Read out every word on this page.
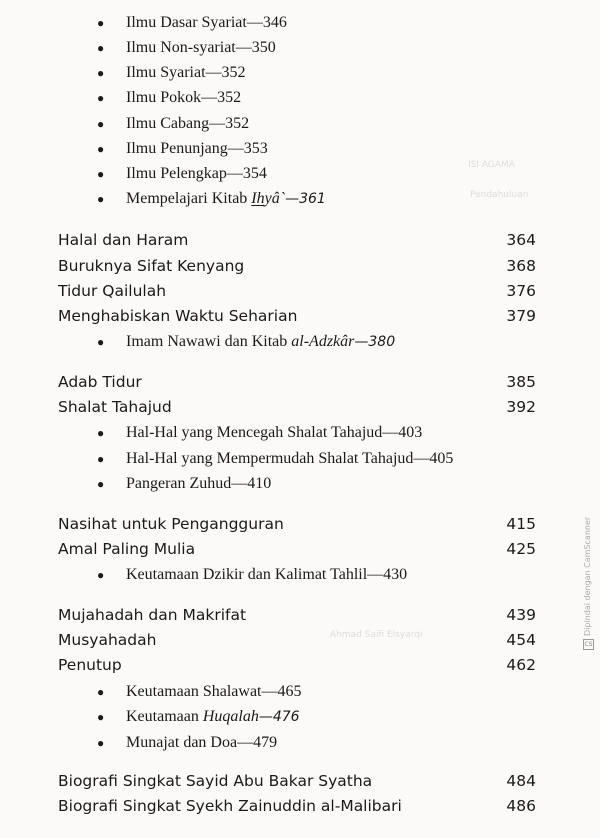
ISI AGAMA
Pendahuluan
Ahmad Saifi Elsyarqi
● Ilmu Dasar Syariat—346
● Ilmu Non-syariat—350
● Ilmu Syariat—352
● Ilmu Pokok—352
● Ilmu Cabang—352
● Ilmu Penunjang—353
● Ilmu Pelengkap—354
● Mempelajari Kitab Ihyâ`—361
Halal dan Haram	364
Buruknya Sifat Kenyang	368
Tidur Qailulah	376
Menghabiskan Waktu Seharian	379
● Imam Nawawi dan Kitab al-Adzkâr—380
Adab Tidur	385
Shalat Tahajud	392
● Hal-Hal yang Mencegah Shalat Tahajud—403
● Hal-Hal yang Mempermudah Shalat Tahajud—405
● Pangeran Zuhud—410
Nasihat untuk Pengangguran	415
Amal Paling Mulia	425
● Keutamaan Dzikir dan Kalimat Tahlil—430
Mujahadah dan Makrifat	439
Musyahadah	454
Penutup	462
● Keutamaan Shalawat—465
● Keutamaan Huqalah—476
● Munajat dan Doa—479
Biografi Singkat Sayid Abu Bakar Syatha	484
Biografi Singkat Syekh Zainuddin al-Malibari	486
CS
Dipindai dengan CamScanner
